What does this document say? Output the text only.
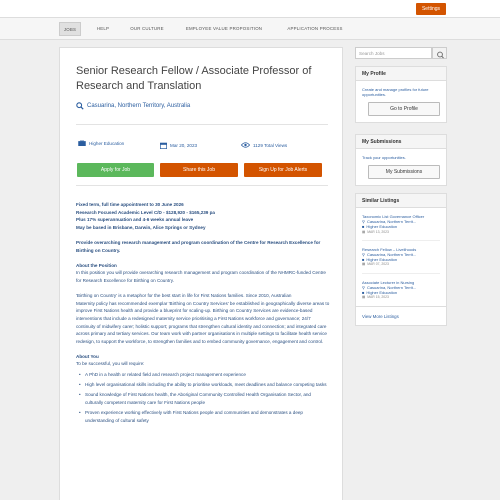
Settings
JOBS	HELP	OUR CULTURE	EMPLOYEE VALUE PROPOSITION	APPLICATION PROCESS
Senior Research Fellow / Associate Professor of Research and Translation
Casuarina, Northern Territory, Australia
Higher Education	Mar 20, 2023	1129 Total Views
Apply for Job	Share this Job	Sign Up for Job Alerts

Fixed term, full time appointment to 30 June 2026
Research Focused Academic Level C/D - $128,920 - $165,239 pa
Plus 17% superannuation and 4-6 weeks annual leave
May be based in Brisbane, Darwin, Alice Springs or Sydney

Provide overarching research management and program coordination of the Centre for Research Excellence for Birthing on Country.

About the Position

In this position you will provide overarching research management and program coordination of the NHMRC-funded Centre for Research Excellence for Birthing on Country.

'Birthing on Country' is a metaphor for the best start in life for First Nations families. Since 2010, Australian

Maternity policy has recommended exemplar 'Birthing on Country Services' be established in geographically diverse areas to improve First Nations health and provide a blueprint for scaling-up. Birthing on Country Services are evidence-based interventions that include a redesigned maternity service prioritising a First Nations workforce and governance; 24/7 continuity of midwifery carer; holistic support; programs that strengthen cultural identity and connection; and integrated care across primary and tertiary services. Our team work with partner organisations in multiple settings to facilitate health service redesign, to support the workforce, to strengthen families and to embed community governance, engagement and control.

About You

To be successful, you will require:

• A PhD in a health or related field and research project management experience
• High level organisational skills including the ability to prioritise workloads, meet deadlines and balance competing tasks
• Sound knowledge of First Nations health, the Aboriginal Community Controlled Health Organisation Sector, and culturally competent maternity care for First Nations people
• Proven experience working effectively with First Nations people and communities and demonstrates a deep understanding of cultural safety
Search Jobs
My Profile
Create and manage profiles for future opportunities.
Go to Profile
My Submissions
Track your opportunities.
My Submissions
Similar Listings
Taxonomic List Governance Officer
⚲ Casuarina, Northern Territ...
■ Higher Education
▦ MAR 13, 2023
Research Fellow – Livelihoods
⚲ Casuarina, Northern Territ...
■ Higher Education
▦ MAR 07, 2023
Associate Lecturer in Nursing
⚲ Casuarina, Northern Territ...
■ Higher Education
▦ MAR 15, 2023
View More Listings
